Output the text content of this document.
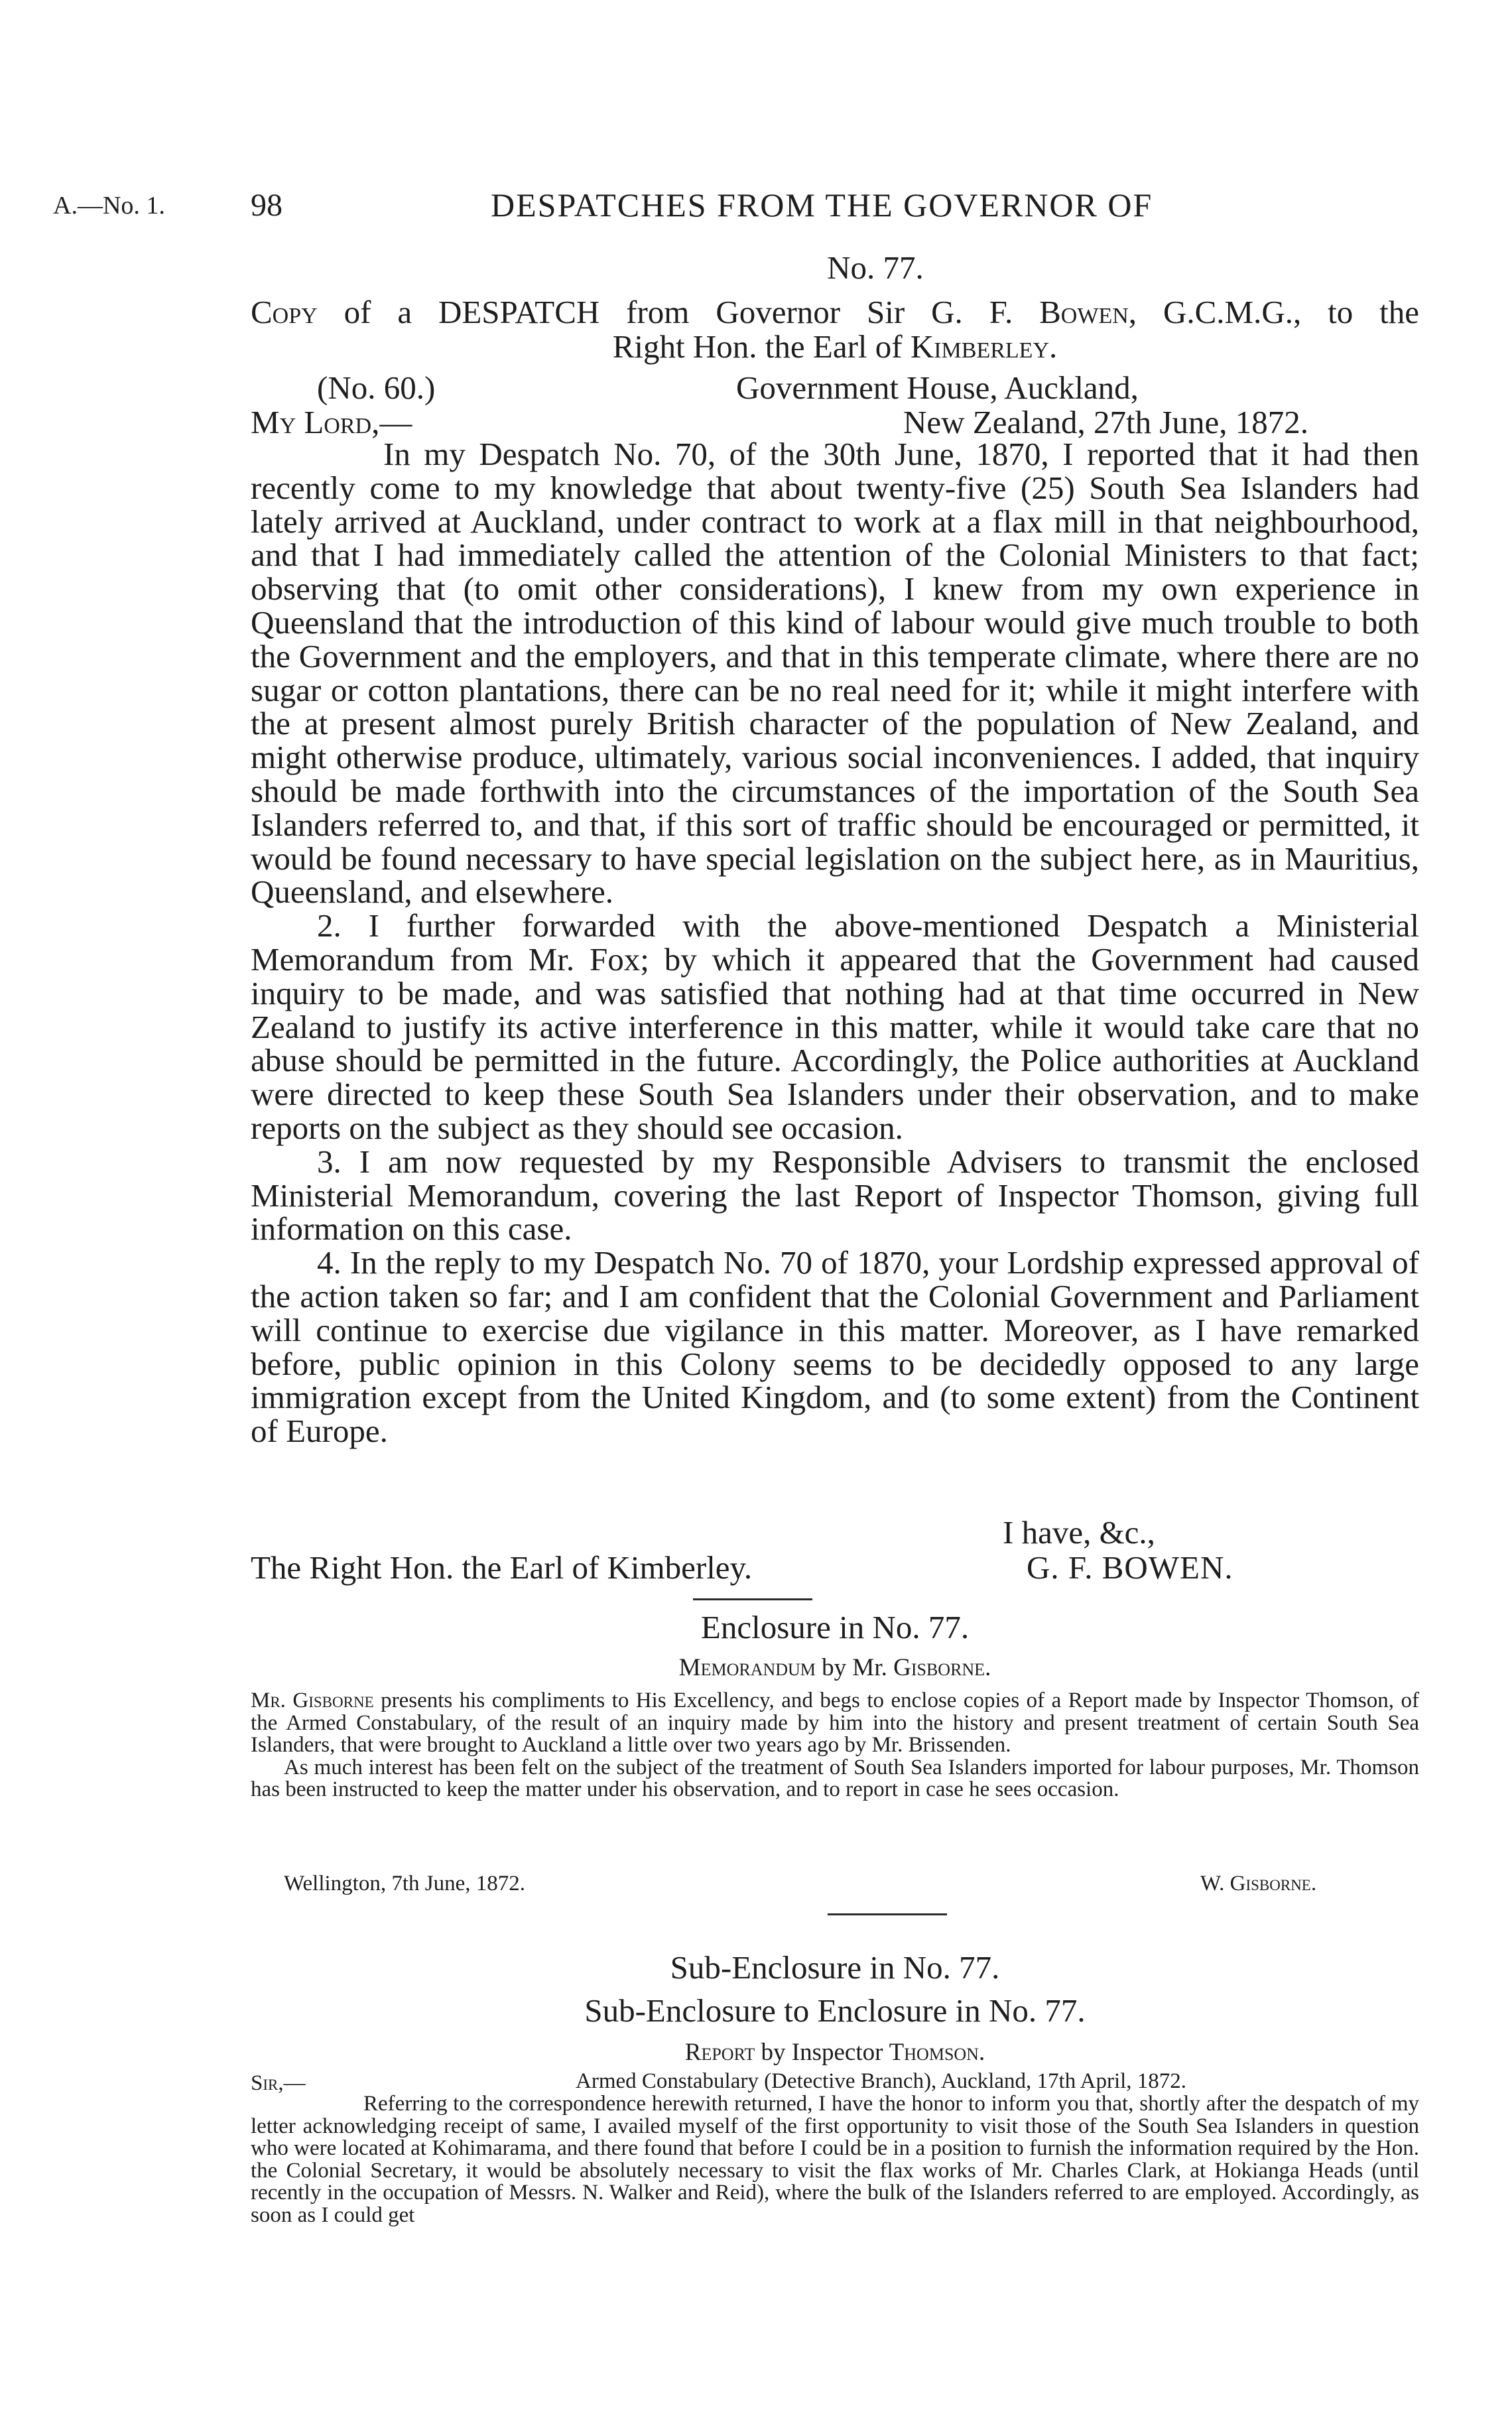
A.—No. 1.	98	DESPATCHES FROM THE GOVERNOR OF
No. 77.
Copy of a DESPATCH from Governor Sir G. F. Bowen, G.C.M.G., to the
Right Hon. the Earl of Kimberley.
(No. 60.)	Government House, Auckland,
My Lord,—	New Zealand, 27th June, 1872.

In my Despatch No. 70, of the 30th June, 1870, I reported that it had then recently come to my knowledge that about twenty-five (25) South Sea Islanders had lately arrived at Auckland, under contract to work at a flax mill in that neighbourhood, and that I had immediately called the attention of the Colonial Ministers to that fact; observing that (to omit other considerations), I knew from my own experience in Queensland that the introduction of this kind of labour would give much trouble to both the Government and the employers, and that in this temperate climate, where there are no sugar or cotton plantations, there can be no real need for it; while it might interfere with the at present almost purely British character of the population of New Zealand, and might otherwise produce, ultimately, various social inconveniences. I added, that inquiry should be made forthwith into the circumstances of the importation of the South Sea Islanders referred to, and that, if this sort of traffic should be encouraged or permitted, it would be found necessary to have special legislation on the subject here, as in Mauritius, Queensland, and elsewhere.

2. I further forwarded with the above-mentioned Despatch a Ministerial Memorandum from Mr. Fox; by which it appeared that the Government had caused inquiry to be made, and was satisfied that nothing had at that time occurred in New Zealand to justify its active interference in this matter, while it would take care that no abuse should be permitted in the future. Accordingly, the Police authorities at Auckland were directed to keep these South Sea Islanders under their observation, and to make reports on the subject as they should see occasion.

3. I am now requested by my Responsible Advisers to transmit the enclosed Ministerial Memorandum, covering the last Report of Inspector Thomson, giving full information on this case.

4. In the reply to my Despatch No. 70 of 1870, your Lordship expressed approval of the action taken so far; and I am confident that the Colonial Government and Parliament will continue to exercise due vigilance in this matter. Moreover, as I have remarked before, public opinion in this Colony seems to be decidedly opposed to any large immigration except from the United Kingdom, and (to some extent) from the Continent of Europe.

I have, &c.,
The Right Hon. the Earl of Kimberley.	G. F. BOWEN.
Enclosure in No. 77.
Memorandum by Mr. Gisborne.

Mr. Gisborne presents his compliments to His Excellency, and begs to enclose copies of a Report made by Inspector Thomson, of the Armed Constabulary, of the result of an inquiry made by him into the history and present treatment of certain South Sea Islanders, that were brought to Auckland a little over two years ago by Mr. Brissenden.

As much interest has been felt on the subject of the treatment of South Sea Islanders imported for labour purposes, Mr. Thomson has been instructed to keep the matter under his observation, and to report in case he sees occasion.

Wellington, 7th June, 1872.	W. Gisborne.
Sub-Enclosure in No. 77.
Sub-Enclosure to Enclosure in No. 77.
Report by Inspector Thomson.
Sir,—	Armed Constabulary (Detective Branch), Auckland, 17th April, 1872.

Referring to the correspondence herewith returned, I have the honor to inform you that, shortly after the despatch of my letter acknowledging receipt of same, I availed myself of the first opportunity to visit those of the South Sea Islanders in question who were located at Kohimarama, and there found that before I could be in a position to furnish the information required by the Hon. the Colonial Secretary, it would be absolutely necessary to visit the flax works of Mr. Charles Clark, at Hokianga Heads (until recently in the occupation of Messrs. N. Walker and Reid), where the bulk of the Islanders referred to are employed. Accordingly, as soon as I could get
